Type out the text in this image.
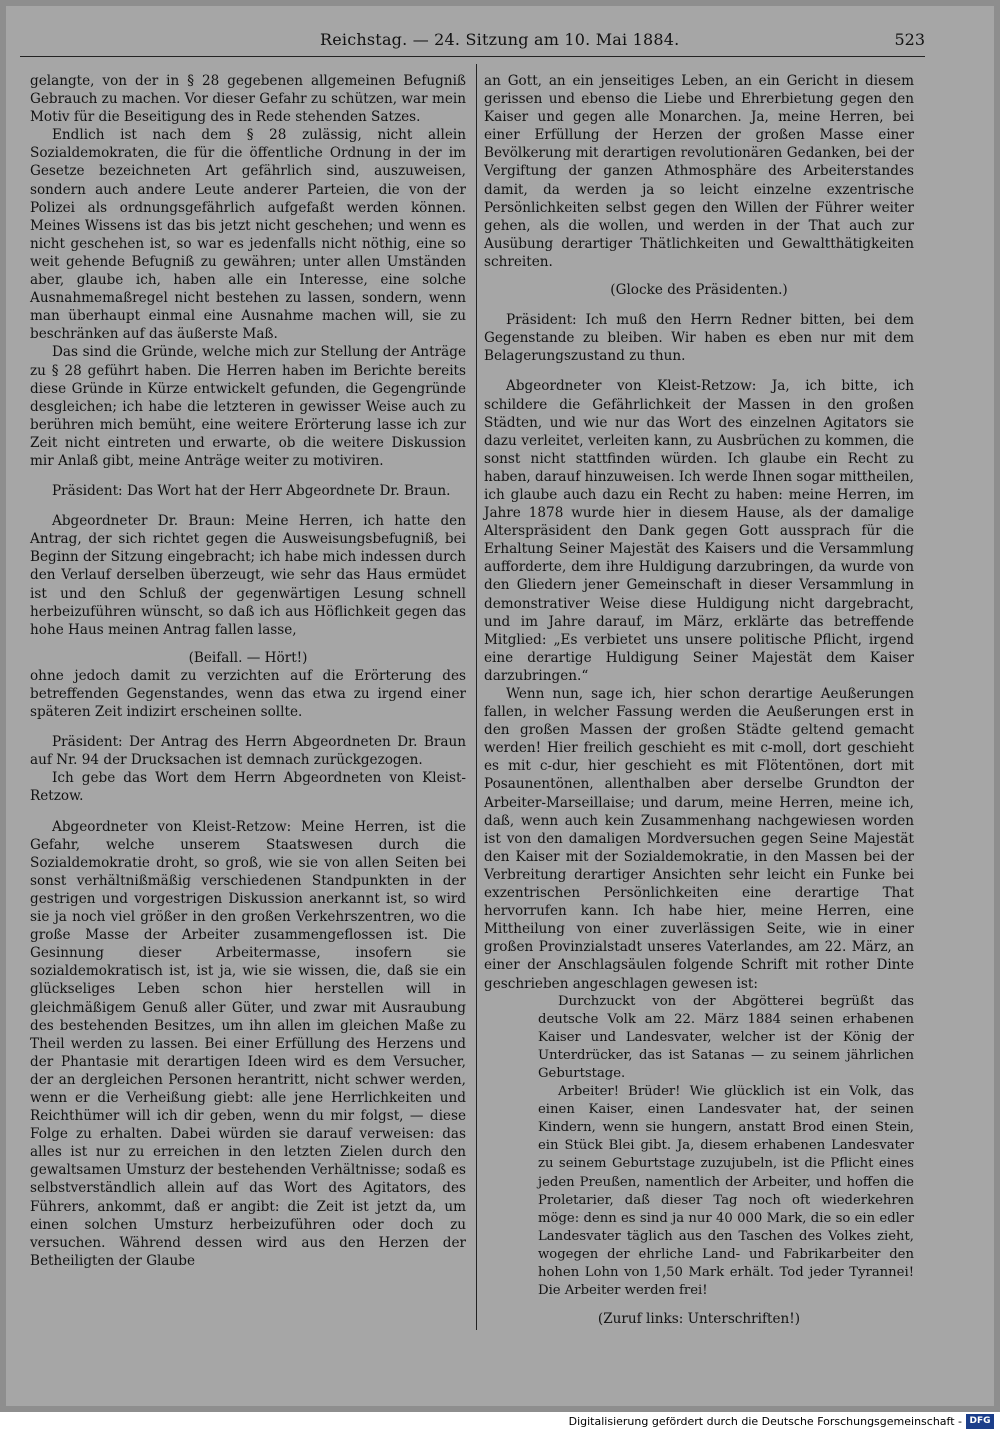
Reichstag. — 24. Sitzung am 10. Mai 1884.	523

gelangte, von der in § 28 gegebenen allgemeinen Befugniß Gebrauch zu machen. Vor dieser Gefahr zu schützen, war mein Motiv für die Beseitigung des in Rede stehenden Satzes.

Endlich ist nach dem § 28 zulässig, nicht allein Sozialdemokraten, die für die öffentliche Ordnung in der im Gesetze bezeichneten Art gefährlich sind, auszuweisen, sondern auch andere Leute anderer Parteien, die von der Polizei als ordnungsgefährlich aufgefaßt werden können. Meines Wissens ist das bis jetzt nicht geschehen; und wenn es nicht geschehen ist, so war es jedenfalls nicht nöthig, eine so weit gehende Befugniß zu gewähren; unter allen Umständen aber, glaube ich, haben alle ein Interesse, eine solche Ausnahmemaßregel nicht bestehen zu lassen, sondern, wenn man überhaupt einmal eine Ausnahme machen will, sie zu beschränken auf das äußerste Maß.

Das sind die Gründe, welche mich zur Stellung der Anträge zu § 28 geführt haben. Die Herren haben im Berichte bereits diese Gründe in Kürze entwickelt gefunden, die Gegengründe desgleichen; ich habe die letzteren in gewisser Weise auch zu berühren mich bemüht, eine weitere Erörterung lasse ich zur Zeit nicht eintreten und erwarte, ob die weitere Diskussion mir Anlaß gibt, meine Anträge weiter zu motiviren.

Präsident: Das Wort hat der Herr Abgeordnete Dr. Braun.

Abgeordneter Dr. Braun: Meine Herren, ich hatte den Antrag, der sich richtet gegen die Ausweisungsbefugniß, bei Beginn der Sitzung eingebracht; ich habe mich indessen durch den Verlauf derselben überzeugt, wie sehr das Haus ermüdet ist und den Schluß der gegenwärtigen Lesung schnell herbeizuführen wünscht, so daß ich aus Höflichkeit gegen das hohe Haus meinen Antrag fallen lasse,

(Beifall. — Hört!)

ohne jedoch damit zu verzichten auf die Erörterung des betreffenden Gegenstandes, wenn das etwa zu irgend einer späteren Zeit indizirt erscheinen sollte.

Präsident: Der Antrag des Herrn Abgeordneten Dr. Braun auf Nr. 94 der Drucksachen ist demnach zurückgezogen.

Ich gebe das Wort dem Herrn Abgeordneten von Kleist-Retzow.

Abgeordneter von Kleist-Retzow: Meine Herren, ist die Gefahr, welche unserem Staatswesen durch die Sozialdemokratie droht, so groß, wie sie von allen Seiten bei sonst verhältnißmäßig verschiedenen Standpunkten in der gestrigen und vorgestrigen Diskussion anerkannt ist, so wird sie ja noch viel größer in den großen Verkehrszentren, wo die große Masse der Arbeiter zusammengeflossen ist. Die Gesinnung dieser Arbeitermasse, insofern sie sozialdemokratisch ist, ist ja, wie sie wissen, die, daß sie ein glückseliges Leben schon hier herstellen will in gleichmäßigem Genuß aller Güter, und zwar mit Ausraubung des bestehenden Besitzes, um ihn allen im gleichen Maße zu Theil werden zu lassen. Bei einer Erfüllung des Herzens und der Phantasie mit derartigen Ideen wird es dem Versucher, der an dergleichen Personen herantritt, nicht schwer werden, wenn er die Verheißung giebt: alle jene Herrlichkeiten und Reichthümer will ich dir geben, wenn du mir folgst, — diese Folge zu erhalten. Dabei würden sie darauf verweisen: das alles ist nur zu erreichen in den letzten Zielen durch den gewaltsamen Umsturz der bestehenden Verhältnisse; sodaß es selbstverständlich allein auf das Wort des Agitators, des Führers, ankommt, daß er angibt: die Zeit ist jetzt da, um einen solchen Umsturz herbeizuführen oder doch zu versuchen. Während dessen wird aus den Herzen der Betheiligten der Glaube

an Gott, an ein jenseitiges Leben, an ein Gericht in diesem gerissen und ebenso die Liebe und Ehrerbietung gegen den Kaiser und gegen alle Monarchen. Ja, meine Herren, bei einer Erfüllung der Herzen der großen Masse einer Bevölkerung mit derartigen revolutionären Gedanken, bei der Vergiftung der ganzen Athmosphäre des Arbeiterstandes damit, da werden ja so leicht einzelne exzentrische Persönlichkeiten selbst gegen den Willen der Führer weiter gehen, als die wollen, und werden in der That auch zur Ausübung derartiger Thätlichkeiten und Gewaltthätigkeiten schreiten.

(Glocke des Präsidenten.)

Präsident: Ich muß den Herrn Redner bitten, bei dem Gegenstande zu bleiben. Wir haben es eben nur mit dem Belagerungszustand zu thun.

Abgeordneter von Kleist-Retzow: Ja, ich bitte, ich schildere die Gefährlichkeit der Massen in den großen Städten, und wie nur das Wort des einzelnen Agitators sie dazu verleitet, verleiten kann, zu Ausbrüchen zu kommen, die sonst nicht stattfinden würden. Ich glaube ein Recht zu haben, darauf hinzuweisen. Ich werde Ihnen sogar mittheilen, ich glaube auch dazu ein Recht zu haben: meine Herren, im Jahre 1878 wurde hier in diesem Hause, als der damalige Alterspräsident den Dank gegen Gott aussprach für die Erhaltung Seiner Majestät des Kaisers und die Versammlung aufforderte, dem ihre Huldigung darzubringen, da wurde von den Gliedern jener Gemeinschaft in dieser Versammlung in demonstrativer Weise diese Huldigung nicht dargebracht, und im Jahre darauf, im März, erklärte das betreffende Mitglied: „Es verbietet uns unsere politische Pflicht, irgend eine derartige Huldigung Seiner Majestät dem Kaiser darzubringen.“

Wenn nun, sage ich, hier schon derartige Aeußerungen fallen, in welcher Fassung werden die Aeußerungen erst in den großen Massen der großen Städte geltend gemacht werden! Hier freilich geschieht es mit c-moll, dort geschieht es mit c-dur, hier geschieht es mit Flötentönen, dort mit Posaunentönen, allenthalben aber derselbe Grundton der Arbeiter-Marseillaise; und darum, meine Herren, meine ich, daß, wenn auch kein Zusammenhang nachgewiesen worden ist von den damaligen Mordversuchen gegen Seine Majestät den Kaiser mit der Sozialdemokratie, in den Massen bei der Verbreitung derartiger Ansichten sehr leicht ein Funke bei exzentrischen Persönlichkeiten eine derartige That hervorrufen kann. Ich habe hier, meine Herren, eine Mittheilung von einer zuverlässigen Seite, wie in einer großen Provinzialstadt unseres Vaterlandes, am 22. März, an einer der Anschlagsäulen folgende Schrift mit rother Dinte geschrieben angeschlagen gewesen ist:

Durchzuckt von der Abgötterei begrüßt das deutsche Volk am 22. März 1884 seinen erhabenen Kaiser und Landesvater, welcher ist der König der Unterdrücker, das ist Satanas — zu seinem jährlichen Geburtstage.

Arbeiter! Brüder! Wie glücklich ist ein Volk, das einen Kaiser, einen Landesvater hat, der seinen Kindern, wenn sie hungern, anstatt Brod einen Stein, ein Stück Blei gibt. Ja, diesem erhabenen Landesvater zu seinem Geburtstage zuzujubeln, ist die Pflicht eines jeden Preußen, namentlich der Arbeiter, und hoffen die Proletarier, daß dieser Tag noch oft wiederkehren möge: denn es sind ja nur 40 000 Mark, die so ein edler Landesvater täglich aus den Taschen des Volkes zieht, wogegen der ehrliche Land- und Fabrikarbeiter den hohen Lohn von 1,50 Mark erhält. Tod jeder Tyrannei! Die Arbeiter werden frei!

(Zuruf links: Unterschriften!)

Digitalisierung gefördert durch die Deutsche Forschungsgemeinschaft - DFG
